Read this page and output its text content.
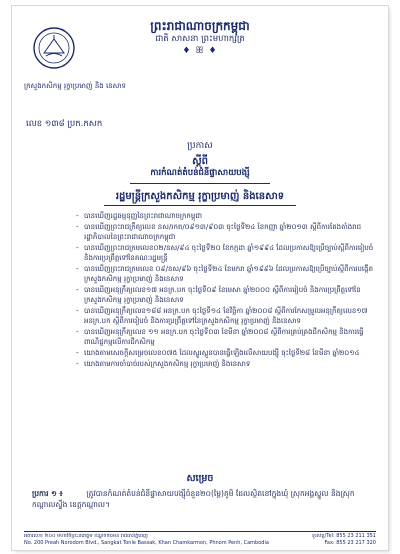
ព្រះរាជាណាចក្រកម្ពុជា
ជាតិ សាសនា ព្រះមហាក្សត្រ
♦ ꕥ ♦
ក្រសួងកសិកម្ម រុក្ខាប្រមាញ់ និង នេសាទ
លេខ ១៣៨ ប្រក.កសក
ប្រកាស
ស្តីពី
ការកំណត់តំបន់ជំនីផ្ទាសាយបង្ស៊ី
រដ្ឋមន្ត្រីក្រសួងកសិកម្ម រុក្ខាប្រមាញ់ និងនេសាទ
- បានឃើញរដ្ឋធម្មនុញ្ញនៃព្រះរាជាណាចក្រកម្ពុជា
- បានឃើញព្រះរាជក្រឹត្យលេខ នស/រកត/០៩១៣/៩០៣ ចុះថ្ងៃទី២៤ ខែកញ្ញា ឆ្នាំ២០១៣ ស្តីពីការតែងតាំងរាជរដ្ឋាភិបាលនៃព្រះរាជាណាចក្រកម្ពុជា
- បានឃើញព្រះរាជក្រមលេខ០២/នស/៩៤ ចុះថ្ងៃទី២០ ខែកក្កដា ឆ្នាំ១៩៩៤ ដែលប្រកាសឱ្យប្រើច្បាប់ស្តីពីការរៀបចំនិងការប្រព្រឹត្តទៅនៃគណៈរដ្ឋមន្ត្រី
- បានឃើញព្រះរាជក្រមលេខ ០៩/នស/៩៦ ចុះថ្ងៃទី២៤ ខែមករា ឆ្នាំ១៩៩៦ ដែលប្រកាសឱ្យប្រើច្បាប់ស្តីពីការបង្កើតក្រសួងកសិកម្ម រុក្ខាប្រមាញ់ និងនេសាទ
- បានឃើញអនុក្រឹត្យលេខ១៧ អនក្រ.បក ចុះថ្ងៃទី០៩ ខែមេសា ឆ្នាំ២០០០ ស្តីពីការរៀបចំ និងការប្រព្រឹត្តទៅនៃក្រសួងកសិកម្ម រុក្ខាប្រមាញ់ និងនេសាទ
- បានឃើញអនុក្រឹត្យលេខ១៨៨ អនក្រ.បក ចុះថ្ងៃទី១៤ ខែវិច្ឆិកា ឆ្នាំ២០០៨ ស្តីពីការកែសម្រួលអនុក្រឹត្យលេខ១៧ អនក្រ.បក ស្តីពីការរៀបចំ និងការប្រព្រឹត្តទៅនៃក្រសួងកសិកម្ម រុក្ខាប្រមាញ់ និងនេសាទ
- បានឃើញអនុក្រឹត្យលេខ ១១ អនក្រ.បក ចុះថ្ងៃទី០៣ ខែមីនា ឆ្នាំ២០០៨ ស្តីពីការគ្រប់គ្រងជីកសិកម្ម និងការធ្វើពាណិជ្ជកម្មលើការជីកសិកម្ម
- យោងតាមសេចក្តីសម្រេចលេខ០៧៥ ដែលស្ទូរស្ពូនបានធ្វើឡើងលើសាយបង្ស៊ី ចុះថ្ងៃទី២៨ ខែមីនា ឆ្នាំ២០១៤
- យោងតាមការចាំបាច់របស់ក្រសួងកសិកម្ម រុក្ខាប្រមាញ់ និងនេសាទ
សម្រេច
ប្រការ ១ ៖	ត្រូវបានកំណត់តំបន់ជំនីផ្ទាសាយបង្ស៊ីចំនួន២០(ម្ភៃ)ភូមិ ដែលស្ថិតនៅក្នុងឃុំ ស្រុកអង្គស្នួល និងស្រុកកណ្តាលស្ទឹង ខេត្តកណ្តាល។
អគារលេខ ២០០ មហាវិថីព្រះនរោត្តម ខ័ណ្ឌចំការមន រាជធានីភ្នំពេញ	ទូរស័ព្ទ/Tel: 855 23 211 351
No. 200 Preah Norodom Blvd., Sangkat Tonle Bassak, Khan Chamkarmon, Phnom Penh, Cambodia	Fax: 855 23 217 320
